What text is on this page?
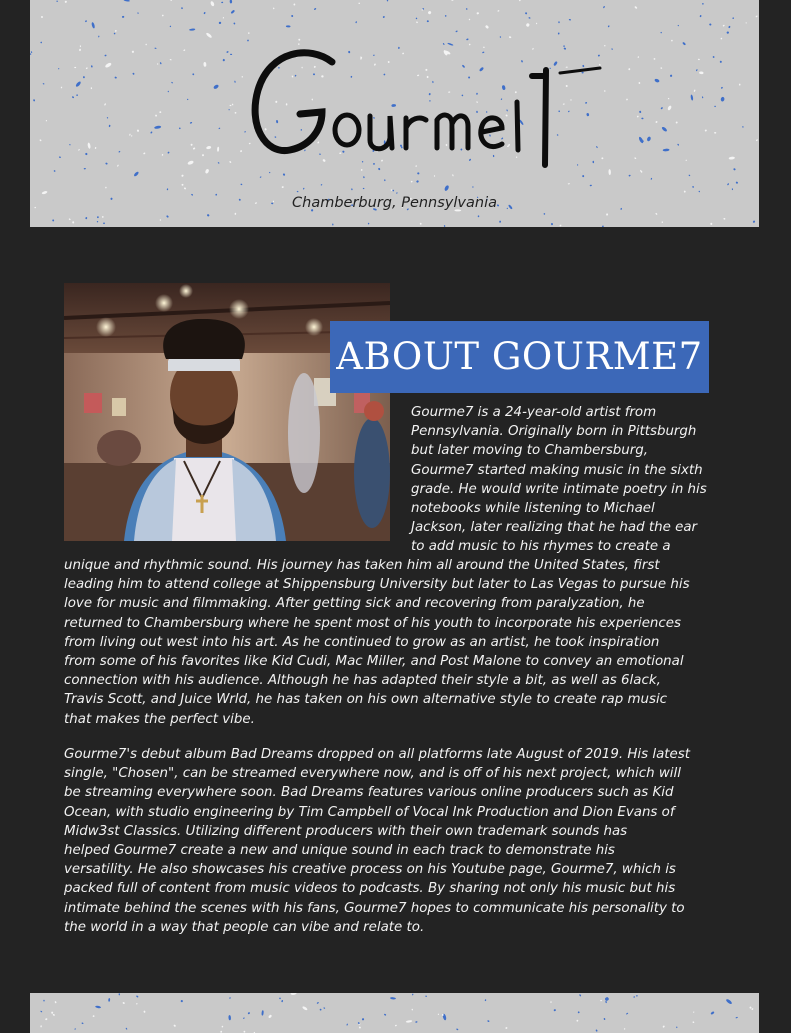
Chamberburg, Pennsylvania
ABOUT GOURME7
Gourme7 is a 24-year-old artist from
Pennsylvania. Originally born in Pittsburgh
but later moving to Chambersburg,
Gourme7 started making music in the sixth
grade. He would write intimate poetry in his
notebooks while listening to Michael
Jackson, later realizing that he had the ear
to add music to his rhymes to create a
unique and rhythmic sound. His journey has taken him all around the United States, first
leading him to attend college at Shippensburg University but later to Las Vegas to pursue his
love for music and filmmaking. After getting sick and recovering from paralyzation, he
returned to Chambersburg where he spent most of his youth to incorporate his experiences
from living out west into his art. As he continued to grow as an artist, he took inspiration
from some of his favorites like Kid Cudi, Mac Miller, and Post Malone to convey an emotional
connection with his audience. Although he has adapted their style a bit, as well as 6lack,
Travis Scott, and Juice Wrld, he has taken on his own alternative style to create rap music
that makes the perfect vibe.
Gourme7's debut album Bad Dreams dropped on all platforms late August of 2019. His latest
single, "Chosen", can be streamed everywhere now, and is off of his next project, which will
be streaming everywhere soon. Bad Dreams features various online producers such as Kid
Ocean, with studio engineering by Tim Campbell of Vocal Ink Production and Dion Evans of
Midw3st Classics. Utilizing different producers with their own trademark sounds has
helped Gourme7 create a new and unique sound in each track to demonstrate his
versatility. He also showcases his creative process on his Youtube page, Gourme7, which is
packed full of content from music videos to podcasts. By sharing not only his music but his
intimate behind the scenes with his fans, Gourme7 hopes to communicate his personality to
the world in a way that people can vibe and relate to.
